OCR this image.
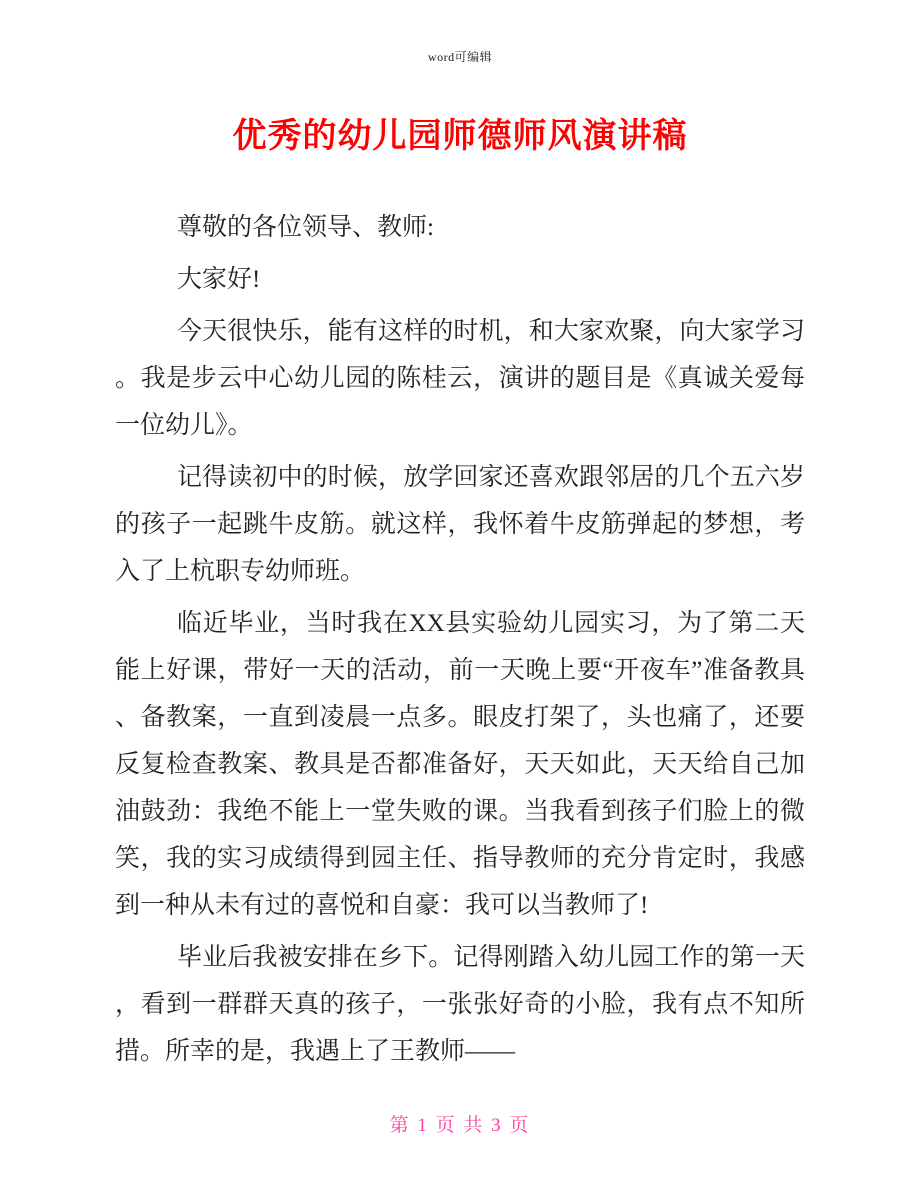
word可编辑
优秀的幼儿园师德师风演讲稿

尊敬的各位领导、教师:

大家好!

今天很快乐，能有这样的时机，和大家欢聚，向大家学习。我是步云中心幼儿园的陈桂云，演讲的题目是《真诚关爱每一位幼儿》。

记得读初中的时候，放学回家还喜欢跟邻居的几个五六岁的孩子一起跳牛皮筋。就这样，我怀着牛皮筋弹起的梦想，考入了上杭职专幼师班。

临近毕业，当时我在XX县实验幼儿园实习，为了第二天能上好课，带好一天的活动，前一天晚上要“开夜车”准备教具、备教案，一直到凌晨一点多。眼皮打架了，头也痛了，还要反复检查教案、教具是否都准备好，天天如此，天天给自己加油鼓劲：我绝不能上一堂失败的课。当我看到孩子们脸上的微笑，我的实习成绩得到园主任、指导教师的充分肯定时，我感到一种从未有过的喜悦和自豪：我可以当教师了!

毕业后我被安排在乡下。记得刚踏入幼儿园工作的第一天，看到一群群天真的孩子，一张张好奇的小脸，我有点不知所措。所幸的是，我遇上了王教师——

第 1 页 共 3 页
